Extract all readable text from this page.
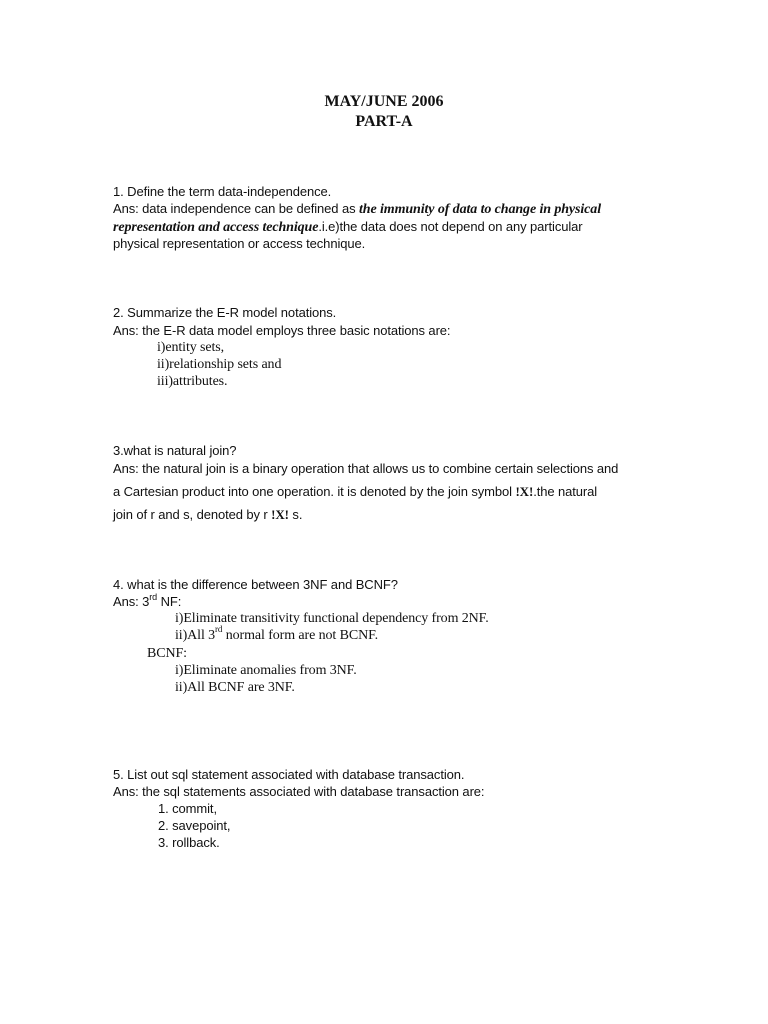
MAY/JUNE 2006
PART-A
1. Define the term data-independence.
Ans: data independence can be defined as the immunity of data to change in physical
representation and access technique.i.e)the data does not depend on any particular
physical representation or access technique.
2. Summarize the E-R model notations.
Ans: the E-R data model employs three basic notations are:
i)entity sets,
ii)relationship sets and
iii)attributes.
3.what is natural join?
Ans: the natural join is a binary operation that allows us to combine certain selections and
a Cartesian product into one operation. it is denoted by the join symbol !X!.the natural
join of r and s, denoted by r !X! s.
4. what is the difference between 3NF and BCNF?
Ans: 3rd NF:
i)Eliminate transitivity functional dependency from 2NF.
ii)All 3rd normal form are not BCNF.
BCNF:
i)Eliminate anomalies from 3NF.
ii)All BCNF are 3NF.
5. List out sql statement associated with database transaction.
Ans: the sql statements associated with database transaction are:
1. commit,
2. savepoint,
3. rollback.
